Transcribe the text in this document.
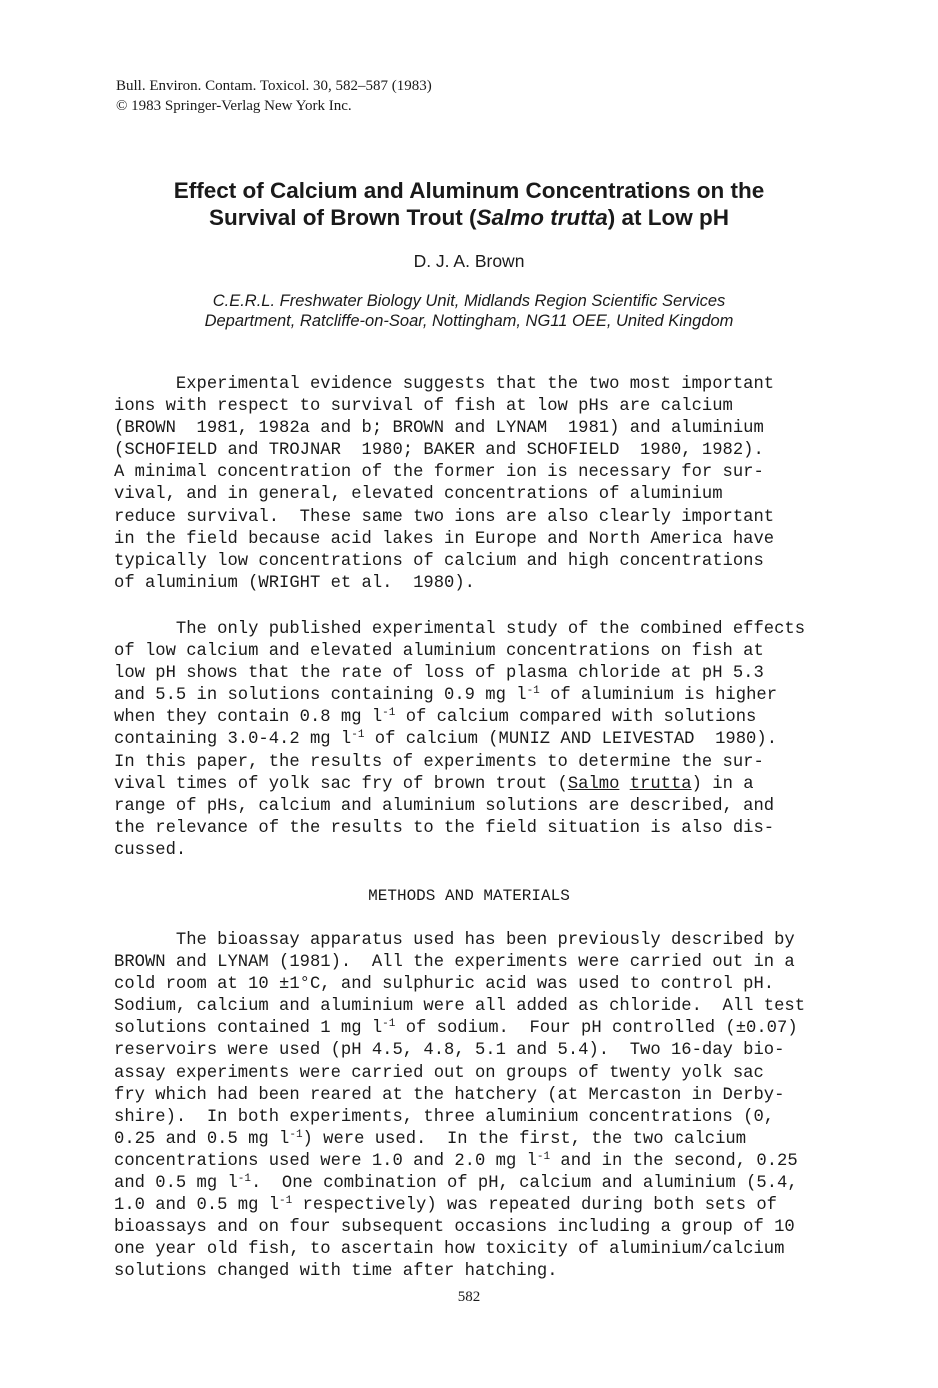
Bull. Environ. Contam. Toxicol. 30, 582–587 (1983)
© 1983 Springer-Verlag New York Inc.
Effect of Calcium and Aluminum Concentrations on the
Survival of Brown Trout (Salmo trutta) at Low pH
D. J. A. Brown
C.E.R.L. Freshwater Biology Unit, Midlands Region Scientific Services
Department, Ratcliffe-on-Soar, Nottingham, NG11 OEE, United Kingdom
Experimental evidence suggests that the two most important
ions with respect to survival of fish at low pHs are calcium
(BROWN  1981, 1982a and b; BROWN and LYNAM  1981) and aluminium
(SCHOFIELD and TROJNAR  1980; BAKER and SCHOFIELD  1980, 1982).
A minimal concentration of the former ion is necessary for sur-
vival, and in general, elevated concentrations of aluminium
reduce survival.  These same two ions are also clearly important
in the field because acid lakes in Europe and North America have
typically low concentrations of calcium and high concentrations
of aluminium (WRIGHT et al.  1980).
The only published experimental study of the combined effects
of low calcium and elevated aluminium concentrations on fish at
low pH shows that the rate of loss of plasma chloride at pH 5.3
and 5.5 in solutions containing 0.9 mg $l^{-1}$ of aluminium is higher
when they contain 0.8 mg $l^{-1}$ of calcium compared with solutions
containing 3.0-4.2 mg $l^{-1}$ of calcium (MUNIZ AND LEIVESTAD  1980).
In this paper, the results of experiments to determine the sur-
vival times of yolk sac fry of brown trout (Salmo trutta) in a
range of pHs, calcium and aluminium solutions are described, and
the relevance of the results to the field situation is also dis-
cussed.
METHODS AND MATERIALS
The bioassay apparatus used has been previously described by
BROWN and LYNAM (1981).  All the experiments were carried out in a
cold room at 10 ±1°C, and sulphuric acid was used to control pH.
Sodium, calcium and aluminium were all added as chloride.  All test
solutions contained 1 mg $l^{-1}$ of sodium.  Four pH controlled (±0.07)
reservoirs were used (pH 4.5, 4.8, 5.1 and 5.4).  Two 16-day bio-
assay experiments were carried out on groups of twenty yolk sac
fry which had been reared at the hatchery (at Mercaston in Derby-
shire).  In both experiments, three aluminium concentrations (0,
0.25 and 0.5 mg $l^{-1}$) were used.  In the first, the two calcium
concentrations used were 1.0 and 2.0 mg $l^{-1}$ and in the second, 0.25
and 0.5 mg $l^{-1}$.  One combination of pH, calcium and aluminium (5.4,
1.0 and 0.5 mg $l^{-1}$ respectively) was repeated during both sets of
bioassays and on four subsequent occasions including a group of 10
one year old fish, to ascertain how toxicity of aluminium/calcium
solutions changed with time after hatching.
582
